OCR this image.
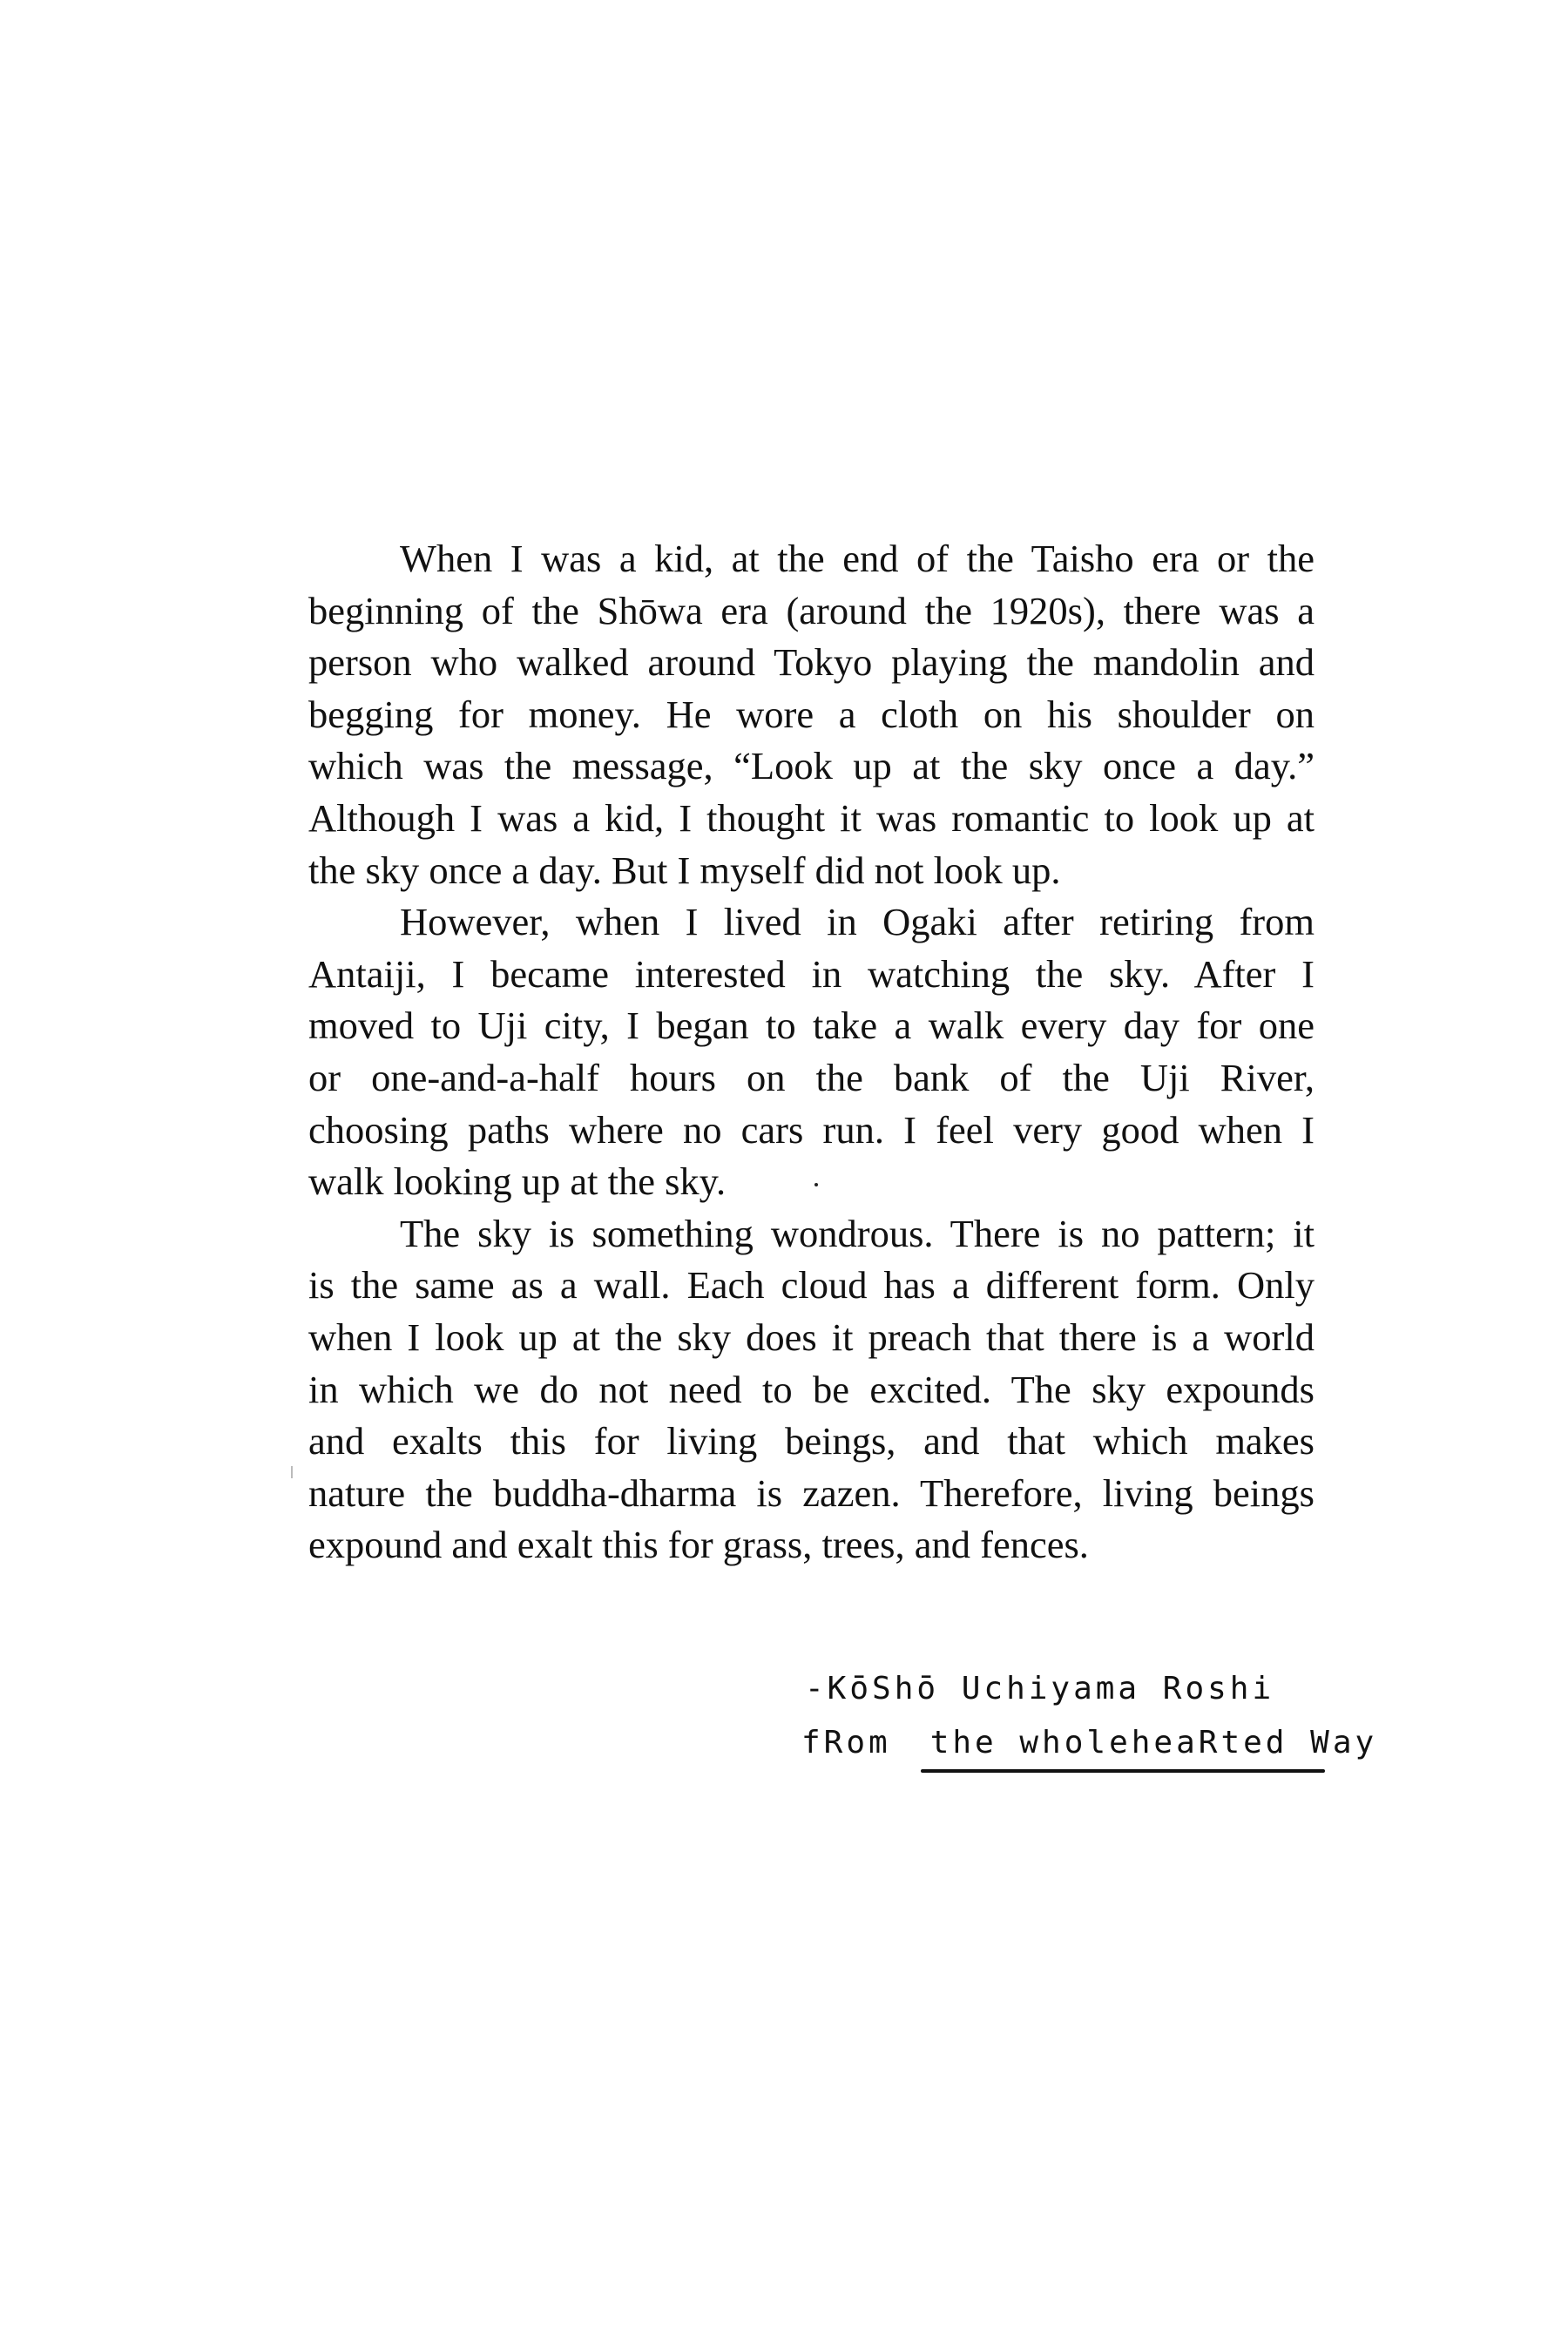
When I was a kid, at the end of the Taisho era or the
beginning of the Shōwa era (around the 1920s), there was a
person who walked around Tokyo playing the mandolin and
begging for money. He wore a cloth on his shoulder on
which was the message, “Look up at the sky once a day.”
Although I was a kid, I thought it was romantic to look up at
the sky once a day. But I myself did not look up.
However, when I lived in Ogaki after retiring from
Antaiji, I became interested in watching the sky. After I
moved to Uji city, I began to take a walk every day for one
or one-and-a-half hours on the bank of the Uji River,
choosing paths where no cars run. I feel very good when I
walk looking up at the sky.
The sky is something wondrous. There is no pattern; it
is the same as a wall. Each cloud has a different form. Only
when I look up at the sky does it preach that there is a world
in which we do not need to be excited. The sky expounds
and exalts this for living beings, and that which makes
nature the buddha-dharma is zazen. Therefore, living beings
expound and exalt this for grass, trees, and fences.
-KōShō Uchiyama Roshi
fRom the wholeheaRted Way
